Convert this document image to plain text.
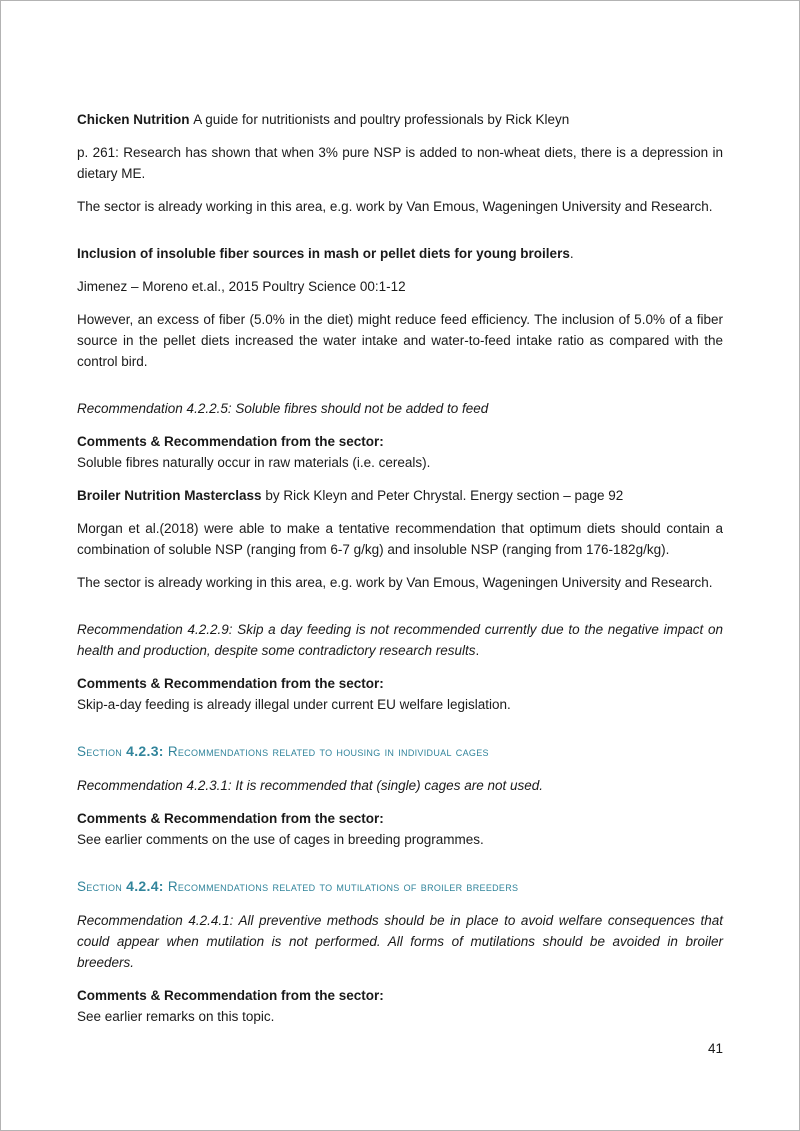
Chicken Nutrition A guide for nutritionists and poultry professionals by Rick Kleyn
p. 261: Research has shown that when 3% pure NSP is added to non-wheat diets, there is a depression in dietary ME.
The sector is already working in this area, e.g. work by Van Emous, Wageningen University and Research.
Inclusion of insoluble fiber sources in mash or pellet diets for young broilers.
Jimenez – Moreno et.al., 2015 Poultry Science 00:1-12
However, an excess of fiber (5.0% in the diet) might reduce feed efficiency. The inclusion of 5.0% of a fiber source in the pellet diets increased the water intake and water-to-feed intake ratio as compared with the control bird.
Recommendation 4.2.2.5: Soluble fibres should not be added to feed
Comments & Recommendation from the sector:
Soluble fibres naturally occur in raw materials (i.e. cereals).
Broiler Nutrition Masterclass by Rick Kleyn and Peter Chrystal. Energy section – page 92
Morgan et al.(2018) were able to make a tentative recommendation that optimum diets should contain a combination of soluble NSP (ranging from 6-7 g/kg) and insoluble NSP (ranging from 176-182g/kg).
The sector is already working in this area, e.g. work by Van Emous, Wageningen University and Research.
Recommendation 4.2.2.9: Skip a day feeding is not recommended currently due to the negative impact on health and production, despite some contradictory research results.
Comments & Recommendation from the sector:
Skip-a-day feeding is already illegal under current EU welfare legislation.
Section 4.2.3: Recommendations related to housing in individual cages
Recommendation 4.2.3.1: It is recommended that (single) cages are not used.
Comments & Recommendation from the sector:
See earlier comments on the use of cages in breeding programmes.
Section 4.2.4: Recommendations related to mutilations of broiler breeders
Recommendation 4.2.4.1: All preventive methods should be in place to avoid welfare consequences that could appear when mutilation is not performed. All forms of mutilations should be avoided in broiler breeders.
Comments & Recommendation from the sector:
See earlier remarks on this topic.
41
